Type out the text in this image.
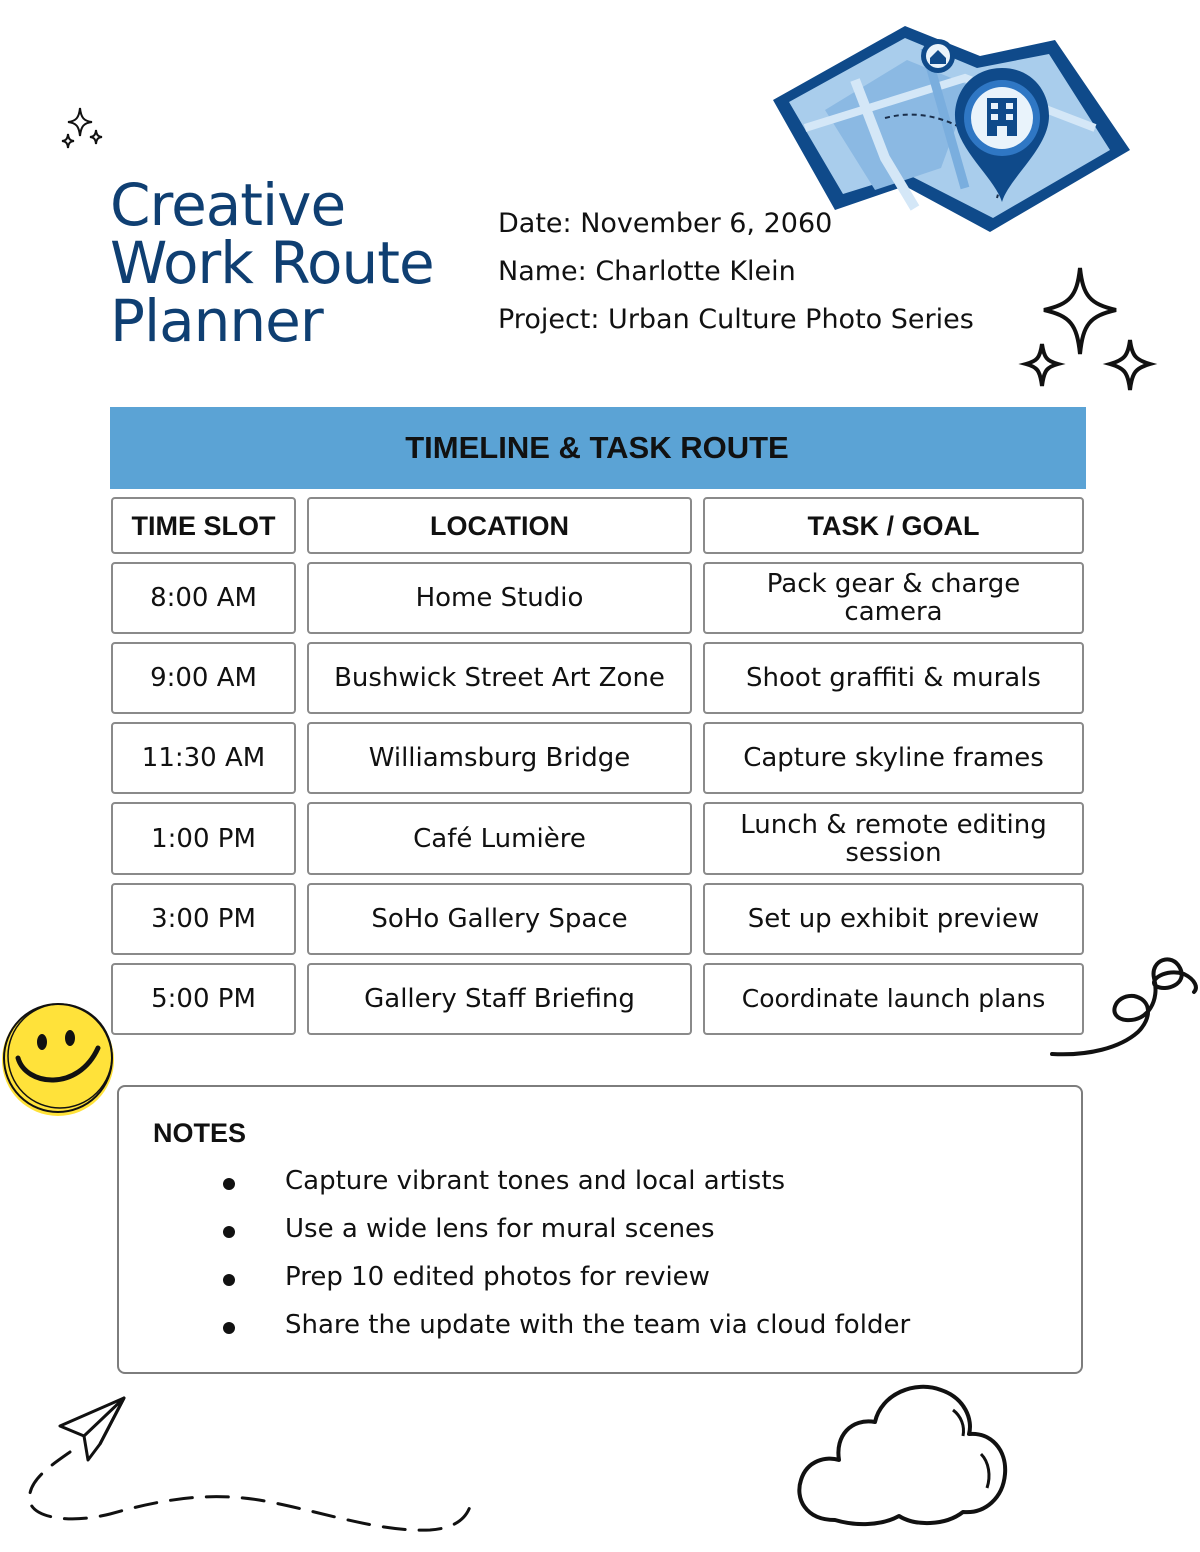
Creative
Work Route
Planner
Date: November 6, 2060
Name: Charlotte Klein
Project: Urban Culture Photo Series
TIMELINE & TASK ROUTE
TIME SLOT	LOCATION	TASK / GOAL
8:00 AM	Home Studio	Pack gear & charge camera
9:00 AM	Bushwick Street Art Zone	Shoot graffiti & murals
11:30 AM	Williamsburg Bridge	Capture skyline frames
1:00 PM	Café Lumière	Lunch & remote editing session
3:00 PM	SoHo Gallery Space	Set up exhibit preview
5:00 PM	Gallery Staff Briefing	Coordinate launch plans
NOTES
Capture vibrant tones and local artists
Use a wide lens for mural scenes
Prep 10 edited photos for review
Share the update with the team via cloud folder
